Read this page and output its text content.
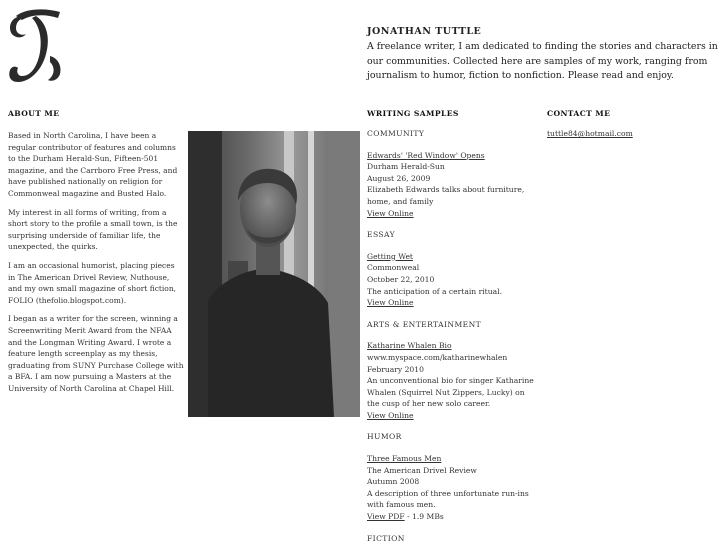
JONATHAN TUTTLE
A freelance writer, I am dedicated to finding the stories and characters in our communities. Collected here are samples of my work, ranging from journalism to humor, fiction to nonfiction. Please read and enjoy.
ABOUT ME	WRITING SAMPLES	CONTACT ME

Based in North Carolina, I have been a regular contributor of features and columns to the Durham Herald-Sun, Fifteen-501 magazine, and the Carrboro Free Press, and have published nationally on religion for Commonweal magazine and Busted Halo.

My interest in all forms of writing, from a short story to the profile a small town, is the surprising underside of familiar life, the unexpected, the quirks.

I am an occasional humorist, placing pieces in The American Drivel Review, Nuthouse, and my own small magazine of short fiction, FOLIO (thefolio.blogspot.com).

I began as a writer for the screen, winning a Screenwriting Merit Award from the NFAA and the Longman Writing Award. I wrote a feature length screenplay as my thesis, graduating from SUNY Purchase College with a BFA. I am now pursuing a Masters at the University of North Carolina at Chapel Hill.

COMMUNITY
Edwards' 'Red Window' Opens
Durham Herald-Sun
August 26, 2009
Elizabeth Edwards talks about furniture, home, and family
View Online
ESSAY
Getting Wet
Commonweal
October 22, 2010
The anticipation of a certain ritual.
View Online
ARTS & ENTERTAINMENT
Katharine Whalen Bio
www.myspace.com/katharinewhalen
February 2010
An unconventional bio for singer Katharine Whalen (Squirrel Nut Zippers, Lucky) on the cusp of her new solo career.
View Online
HUMOR
Three Famous Men
The American Drivel Review
Autumn 2008
A description of three unfortunate run-ins with famous men.
View PDF - 1.9 MBs
FICTION
tuttle84@hotmail.com
